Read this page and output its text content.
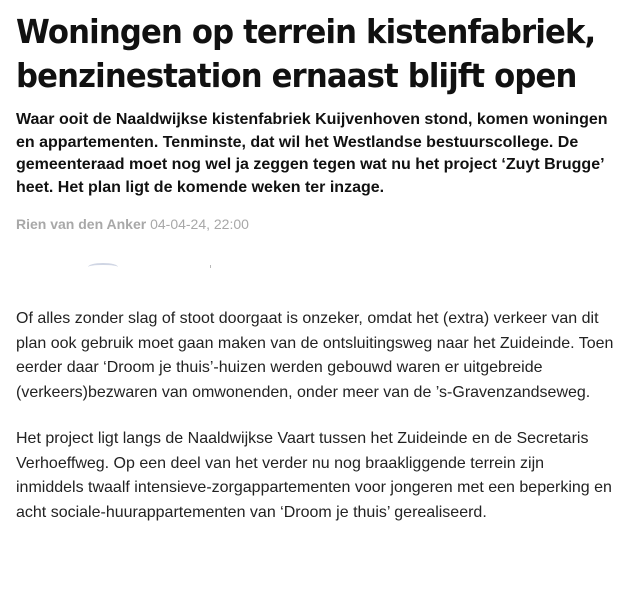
Woningen op terrein kistenfabriek,
benzinestation ernaast blijft open

Waar ooit de Naaldwijkse kistenfabriek Kuijvenhoven stond, komen woningen en appartementen. Tenminste, dat wil het Westlandse bestuurscollege. De gemeenteraad moet nog wel ja zeggen tegen wat nu het project ‘Zuyt Brugge’ heet. Het plan ligt de komende weken ter inzage.

Rien van den Anker 04-04-24, 22:00

Of alles zonder slag of stoot doorgaat is onzeker, omdat het (extra) verkeer van dit plan ook gebruik moet gaan maken van de ontsluitingsweg naar het Zuideinde. Toen eerder daar ‘Droom je thuis’-huizen werden gebouwd waren er uitgebreide (verkeers)bezwaren van omwonenden, onder meer van de ’s-Gravenzandseweg.

Het project ligt langs de Naaldwijkse Vaart tussen het Zuideinde en de Secretaris Verhoeffweg. Op een deel van het verder nu nog braakliggende terrein zijn inmiddels twaalf intensieve-zorgappartementen voor jongeren met een beperking en acht sociale-huurappartementen van ‘Droom je thuis’ gerealiseerd.
